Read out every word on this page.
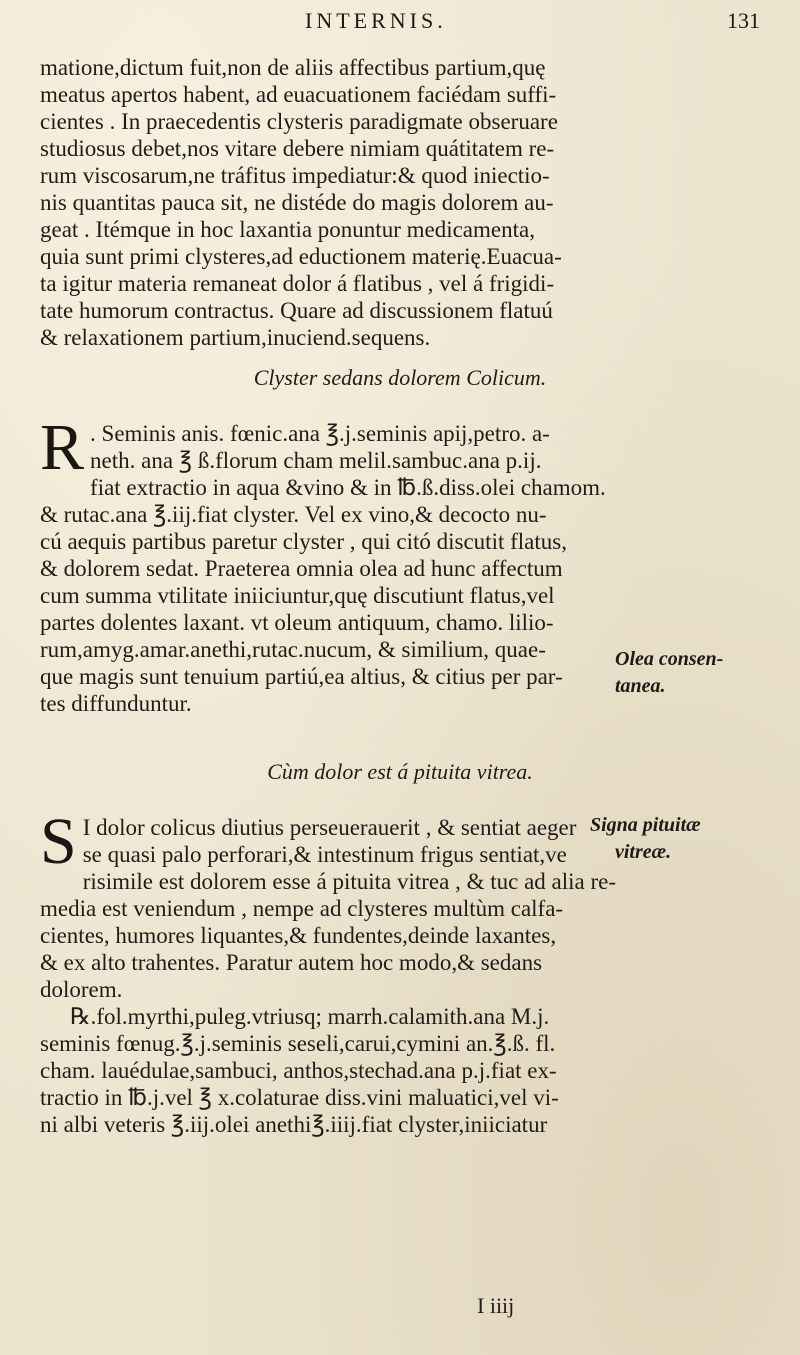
INTERNIS.	131
matione,dictum fuit,non de aliis affectibus partium,quę
meatus apertos habent, ad euacuationem faciédam suffi-
cientes . In praecedentis clysteris paradigmate obseruare
studiosus debet,nos vitare debere nimiam quátitatem re-
rum viscosarum,ne tráfitus impediatur:& quod iniectio-
nis quantitas pauca sit, ne distéde do magis dolorem au-
geat . Itémque in hoc laxantia ponuntur medicamenta,
quia sunt primi clysteres,ad eductionem materię.Euacua-
ta igitur materia remaneat dolor á flatibus , vel á frigidi-
tate humorum contractus. Quare ad discussionem flatuú
& relaxationem partium,inuciend.sequens.
Clyster sedans dolorem Colicum.
R . Seminis anis. fœnic.ana ℥.j.seminis apij,petro. a-
neth. ana ℥ ß.florum cham melil.sambuc.ana p.ij.
fiat extractio in aqua &vino & in ℔.ß.diss.olei chamom.
& rutac.ana ℥.iij.fiat clyster. Vel ex vino,& decocto nu-
cú aequis partibus paretur clyster , qui citó discutit flatus,
& dolorem sedat. Praeterea omnia olea ad hunc affectum
cum summa vtilitate iniiciuntur,quę discutiunt flatus,vel
partes dolentes laxant. vt oleum antiquum, chamo. lilio-
rum,amyg.amar.anethi,rutac.nucum, & similium, quae-
que magis sunt tenuium partiú,ea altius, & citius per par-
tes diffunduntur.
Olea consen-
tanea.
Cùm dolor est á pituita vitrea.
S I dolor colicus diutius perseuerauerit , & sentiat aeger
se quasi palo perforari,& intestinum frigus sentiat,ve
risimile est dolorem esse á pituita vitrea , & tuc ad alia re-
media est veniendum , nempe ad clysteres multùm calfa-
cientes, humores liquantes,& fundentes,deinde laxantes,
& ex alto trahentes. Paratur autem hoc modo,& sedans
dolorem.
℞.fol.myrthi,puleg.vtriusq; marrh.calamith.ana M.j.
seminis fœnug.℥.j.seminis seseli,carui,cymini an.℥.ß. fl.
cham. lauédulae,sambuci, anthos,stechad.ana p.j.fiat ex-
tractio in ℔.j.vel ℥ x.colaturae diss.vini maluatici,vel vi-
ni albi veteris ℥.iij.olei anethi℥.iiij.fiat clyster,iniiciatur
Signa pituitæ
vitreæ.
I iiij
